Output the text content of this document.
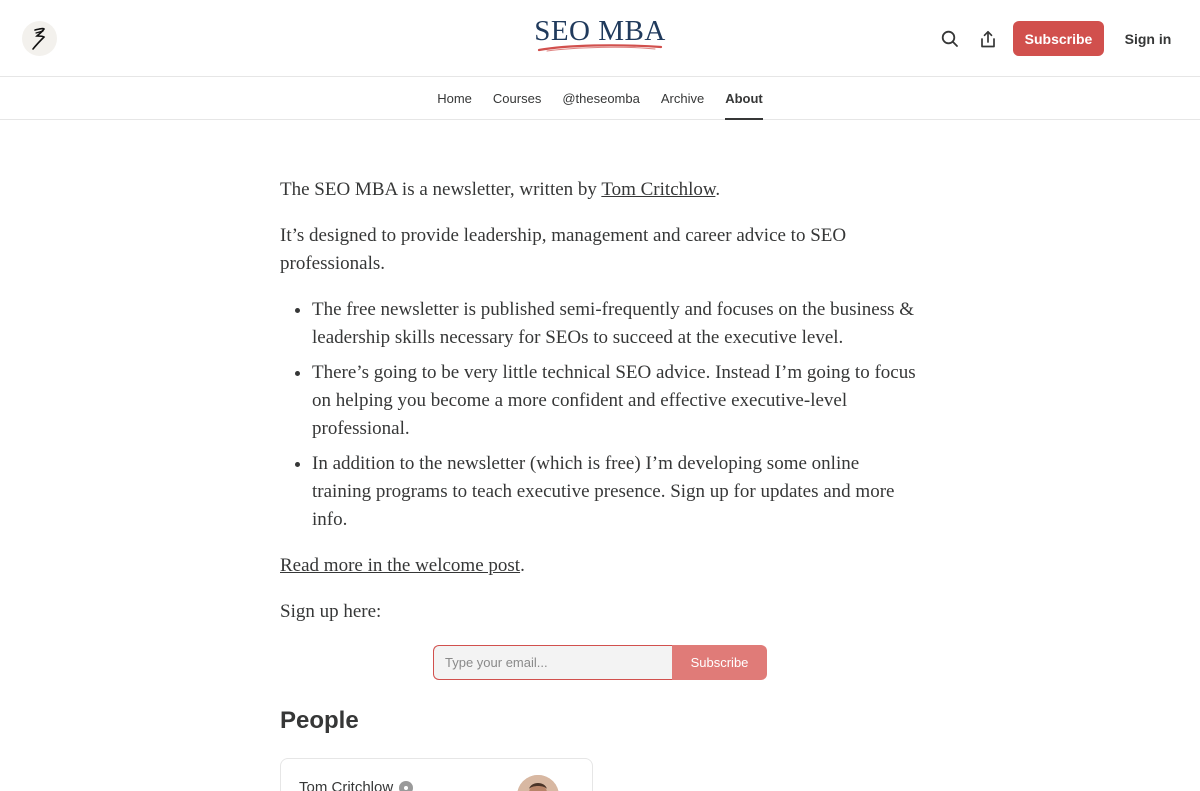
SEO MBA	Subscribe	Sign in
Home Courses @theseomba Archive About

The SEO MBA is a newsletter, written by Tom Critchlow.

It’s designed to provide leadership, management and career advice to SEO professionals.

• The free newsletter is published semi-frequently and focuses on the business & leadership skills necessary for SEOs to succeed at the executive level.
• There’s going to be very little technical SEO advice. Instead I’m going to focus on helping you become a more confident and effective executive-level professional.
• In addition to the newsletter (which is free) I’m developing some online training programs to teach executive presence. Sign up for updates and more info.

Read more in the welcome post.

Sign up here:

Type your email...
Subscribe
People
Tom Critchlow
